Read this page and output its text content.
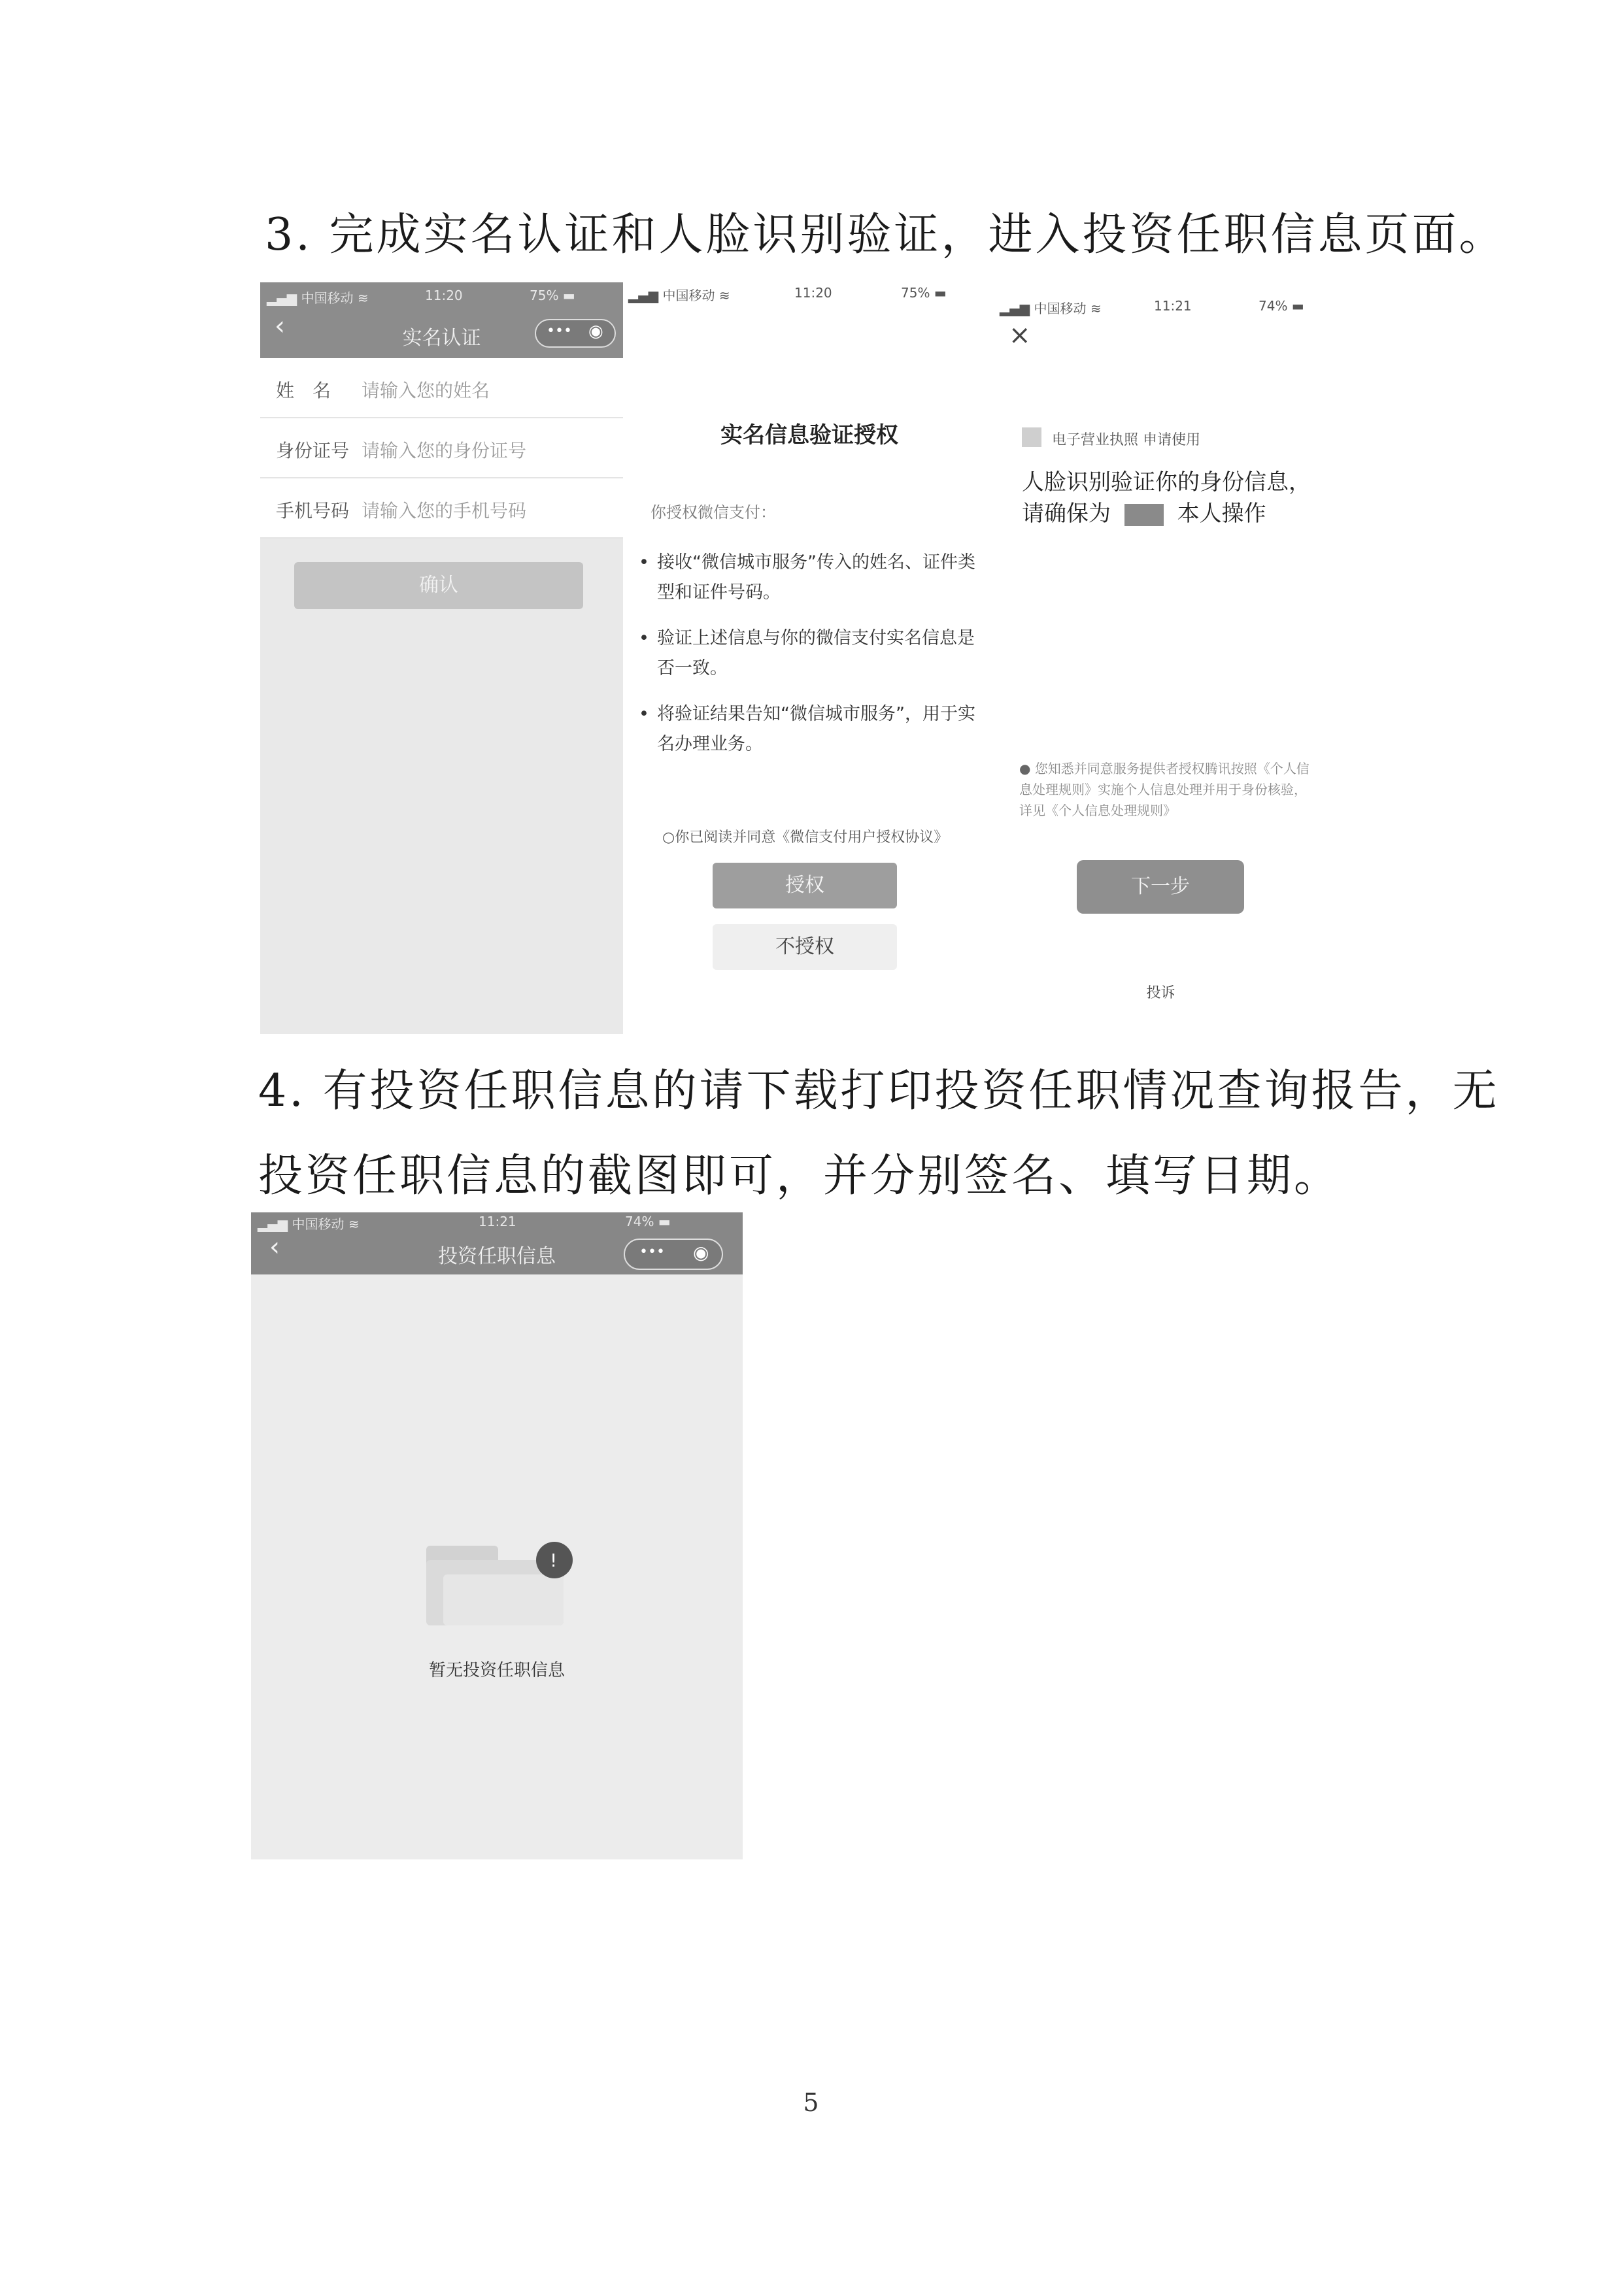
3. 完成实名认证和人脸识别验证，进入投资任职信息页面。
▂▄▆ 中国移动 ≋	11:20	75% ▬
‹	实名认证	••• ◉
姓　名 请输入您的姓名
身份证号 请输入您的身份证号
手机号码 请输入您的手机号码
确认
▂▄▆ 中国移动 ≋	11:20	75% ▬
实名信息验证授权
你授权微信支付：
• 接收“微信城市服务”传入的姓名、证件类型和证件号码。
• 验证上述信息与你的微信支付实名信息是否一致。
• 将验证结果告知“微信城市服务”，用于实名办理业务。
○你已阅读并同意《微信支付用户授权协议》
授权
不授权
▂▄▆ 中国移动 ≋	11:21	74% ▬
×
电子营业执照 申请使用
人脸识别验证你的身份信息，
请确保为	本人操作
● 您知悉并同意服务提供者授权腾讯按照《个人信息处理规则》实施个人信息处理并用于身份核验，详见《个人信息处理规则》
下一步
投诉
4. 有投资任职信息的请下载打印投资任职情况查询报告，无
投资任职信息的截图即可，并分别签名、填写日期。
▂▄▆ 中国移动 ≋	11:21	74% ▬
‹	投资任职信息	••• ◉
!
暂无投资任职信息
5
